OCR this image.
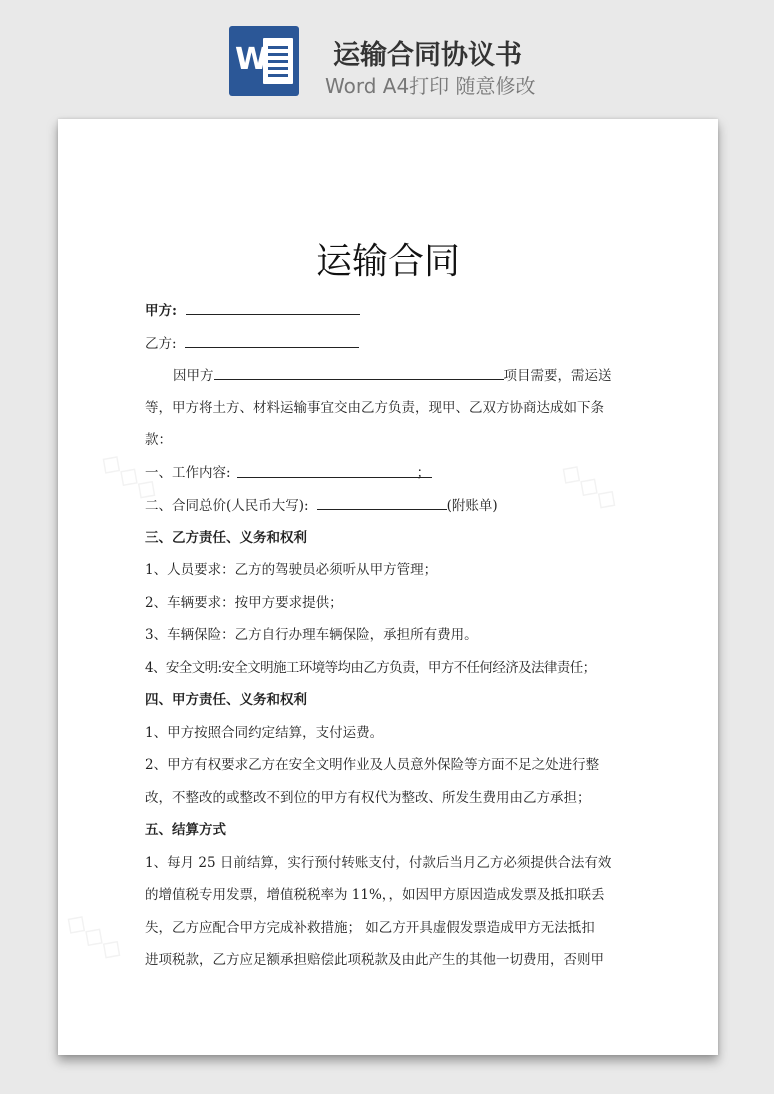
W 运输合同协议书
Word A4打印 随意修改
◇◇◇	◇◇◇
◇◇◇
运输合同
甲方:
乙方:
因甲方	项目需要，需运送
等，甲方将土方、材料运输事宜交由乙方负责，现甲、乙双方协商达成如下条
款：
一、工作内容:	；
二、合同总价(人民币大写):	(附账单)
三、乙方责任、义务和权利
1、人员要求：乙方的驾驶员必须听从甲方管理；
2、车辆要求：按甲方要求提供；
3、车辆保险：乙方自行办理车辆保险，承担所有费用。
4、安全文明:安全文明施工环境等均由乙方负责，甲方不任何经济及法律责任；
四、甲方责任、义务和权利
1、甲方按照合同约定结算，支付运费。
2、甲方有权要求乙方在安全文明作业及人员意外保险等方面不足之处进行整
改，不整改的或整改不到位的甲方有权代为整改、所发生费用由乙方承担；
五、结算方式
1、每月 25 日前结算，实行预付转账支付，付款后当月乙方必须提供合法有效
的增值税专用发票，增值税税率为 11%，，如因甲方原因造成发票及抵扣联丢
失，乙方应配合甲方完成补救措施； 如乙方开具虚假发票造成甲方无法抵扣
进项税款，乙方应足额承担赔偿此项税款及由此产生的其他一切费用，否则甲
